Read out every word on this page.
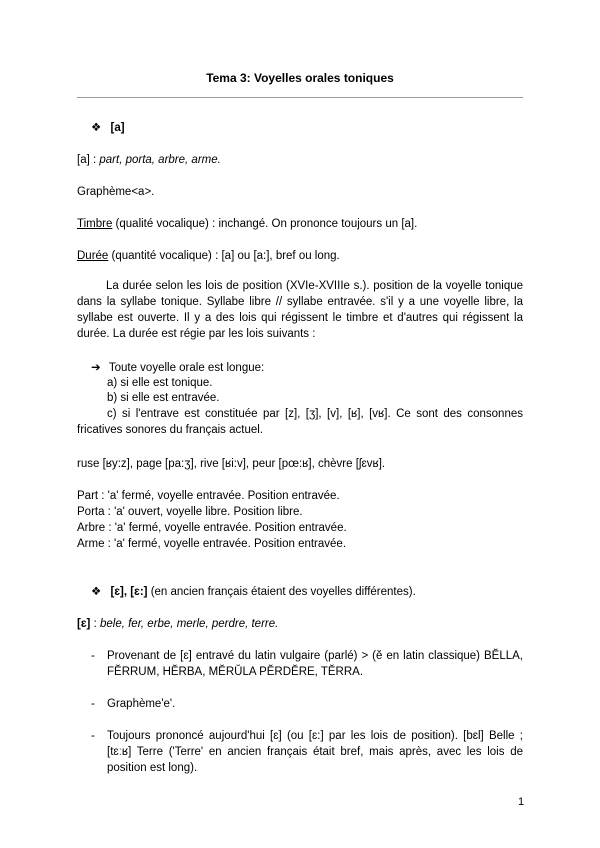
Tema 3: Voyelles orales toniques
❖ [a]
[a] : part, porta, arbre, arme.
Graphème<a>.
Timbre (qualité vocalique) : inchangé. On prononce toujours un [a].
Durée (quantité vocalique) : [a] ou [a:], bref ou long.
La durée selon les lois de position (XVIe-XVIIIe s.). position de la voyelle tonique dans la syllabe tonique. Syllabe libre // syllabe entravée. s'il y a une voyelle libre, la syllabe est ouverte. Il y a des lois qui régissent le timbre et d'autres qui régissent la durée. La durée est régie par les lois suivants :
➔ Toute voyelle orale est longue:
a) si elle est tonique.
b) si elle est entravée.
c) si l'entrave est constituée par [z], [ʒ], [v], [ʁ], [vʁ]. Ce sont des consonnes fricatives sonores du français actuel.
ruse [ʁy:z], page [pa:ʒ], rive [ʁi:v], peur [pœ:ʁ], chèvre [ʃɛvʁ].
Part : 'a' fermé, voyelle entravée. Position entravée.
Porta : 'a' ouvert, voyelle libre. Position libre.
Arbre : 'a' fermé, voyelle entravée. Position entravée.
Arme : 'a' fermé, voyelle entravée. Position entravée.
❖ [ɛ], [ɛ:] (en ancien français étaient des voyelles différentes).
[ɛ] : bele, fer, erbe, merle, perdre, terre.
- Provenant de [ɛ] entravé du latin vulgaire (parlé) > (ĕ en latin classique) BĔLLA, FĔRRUM, HĔRBA, MĔRŬLA PĔRDĔRE, TĔRRA.
- Graphème'e'.
- Toujours prononcé aujourd'hui [ɛ] (ou [ɛ:] par les lois de position). [bɛl] Belle ; [tɛːʁ] Terre ('Terre' en ancien français était bref, mais après, avec les lois de position est long).
1
